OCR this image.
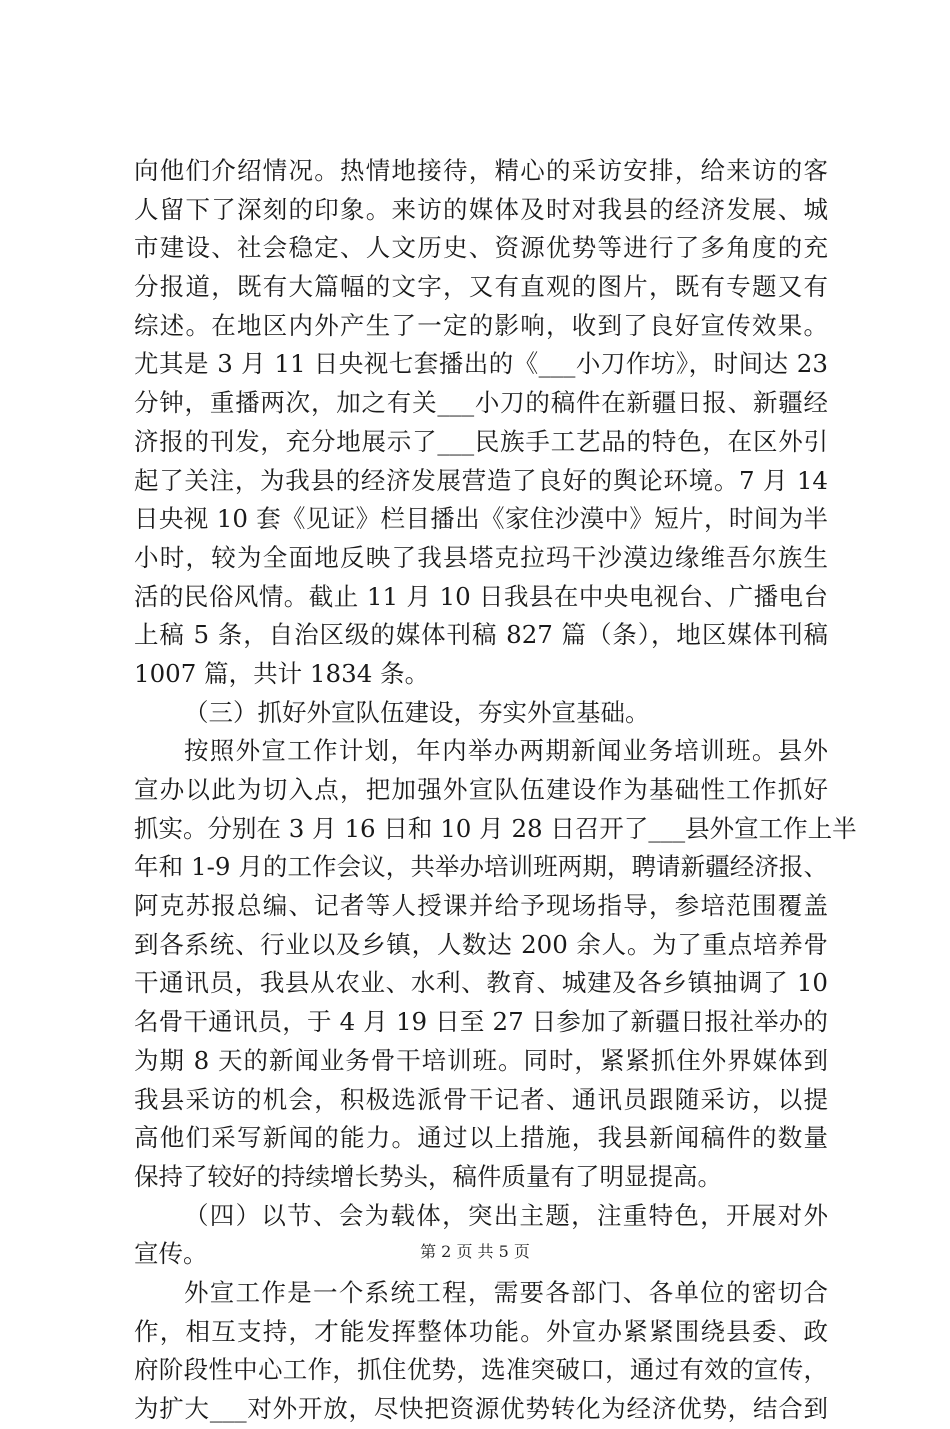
向他们介绍情况。热情地接待，精心的采访安排，给来访的客
人留下了深刻的印象。来访的媒体及时对我县的经济发展、城
市建设、社会稳定、人文历史、资源优势等进行了多角度的充
分报道，既有大篇幅的文字，又有直观的图片，既有专题又有
综述。在地区内外产生了一定的影响，收到了良好宣传效果。
尤其是 3 月 11 日央视七套播出的《___小刀作坊》，时间达 23
分钟，重播两次，加之有关___小刀的稿件在新疆日报、新疆经
济报的刊发，充分地展示了___民族手工艺品的特色，在区外引
起了关注，为我县的经济发展营造了良好的舆论环境。7 月 14
日央视 10 套《见证》栏目播出《家住沙漠中》短片，时间为半
小时，较为全面地反映了我县塔克拉玛干沙漠边缘维吾尔族生
活的民俗风情。截止 11 月 10 日我县在中央电视台、广播电台
上稿 5 条，自治区级的媒体刊稿 827 篇（条），地区媒体刊稿
1007 篇，共计 1834 条。
（三）抓好外宣队伍建设，夯实外宣基础。
按照外宣工作计划，年内举办两期新闻业务培训班。县外
宣办以此为切入点，把加强外宣队伍建设作为基础性工作抓好
抓实。分别在 3 月 16 日和 10 月 28 日召开了___县外宣工作上半
年和 1-9 月的工作会议，共举办培训班两期，聘请新疆经济报、
阿克苏报总编、记者等人授课并给予现场指导，参培范围覆盖
到各系统、行业以及乡镇，人数达 200 余人。为了重点培养骨
干通讯员，我县从农业、水利、教育、城建及各乡镇抽调了 10
名骨干通讯员，于 4 月 19 日至 27 日参加了新疆日报社举办的
为期 8 天的新闻业务骨干培训班。同时，紧紧抓住外界媒体到
我县采访的机会，积极选派骨干记者、通讯员跟随采访，以提
高他们采写新闻的能力。通过以上措施，我县新闻稿件的数量
保持了较好的持续增长势头，稿件质量有了明显提高。
（四）以节、会为载体，突出主题，注重特色，开展对外
宣传。
外宣工作是一个系统工程，需要各部门、各单位的密切合
作，相互支持，才能发挥整体功能。外宣办紧紧围绕县委、政
府阶段性中心工作，抓住优势，选准突破口，通过有效的宣传，
为扩大___对外开放，尽快把资源优势转化为经济优势，结合到
第 2 页 共 5 页
